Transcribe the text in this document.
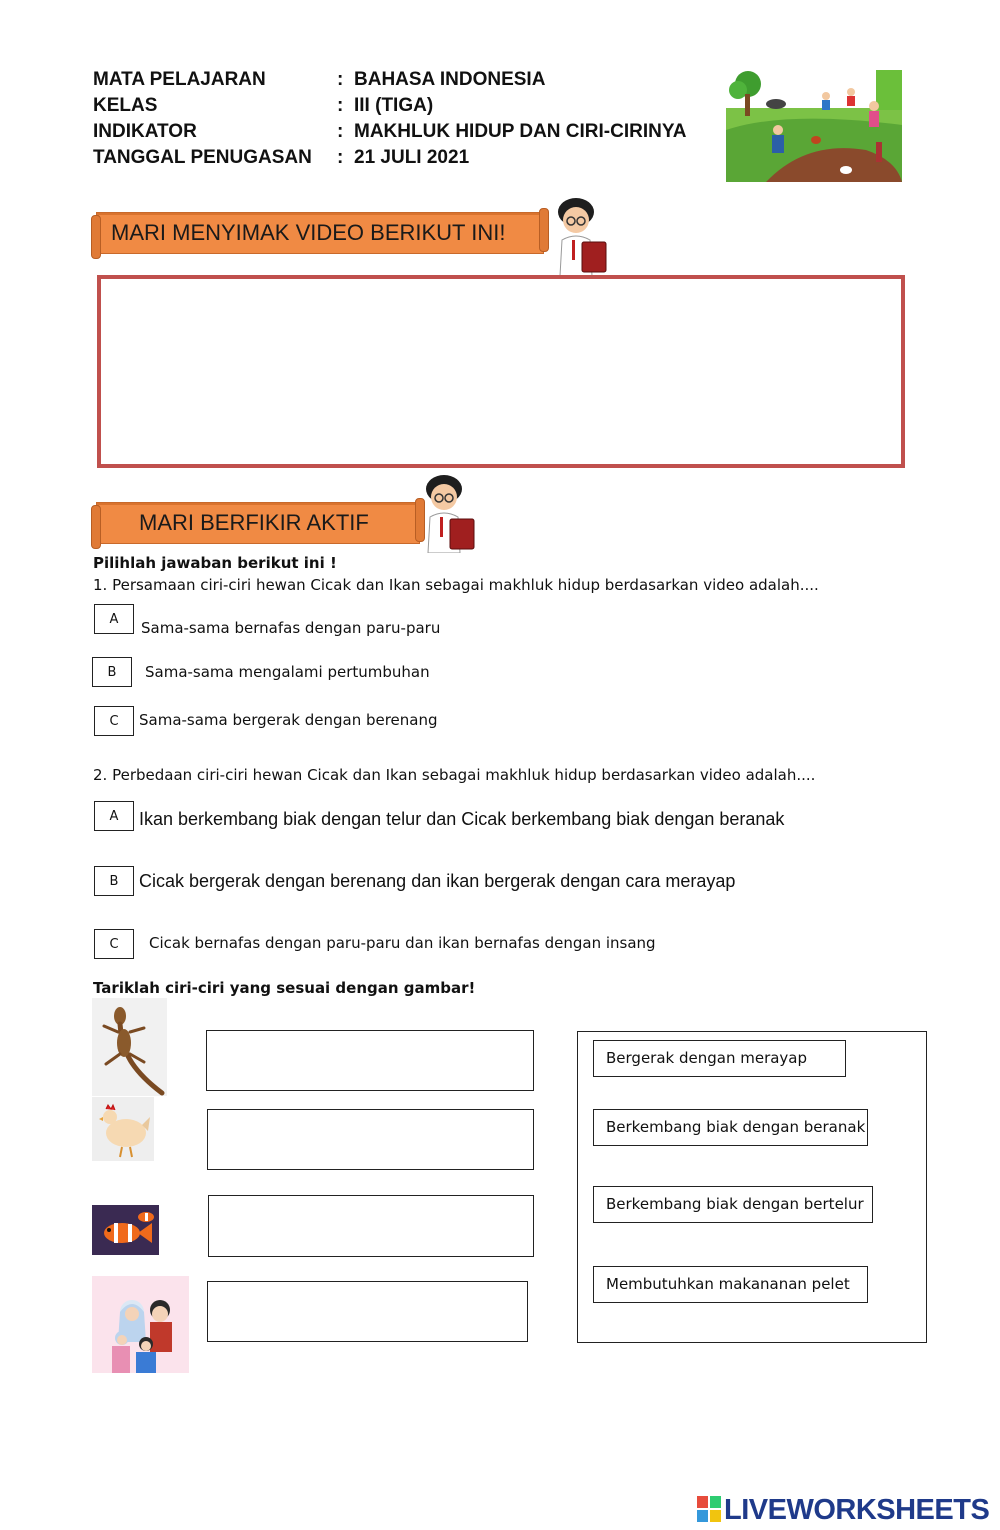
MATA PELAJARAN	: BAHASA INDONESIA
KELAS	: III (TIGA)
INDIKATOR	: MAKHLUK HIDUP DAN CIRI-CIRINYA
TANGGAL PENUGASAN : 21 JULI 2021
MARI MENYIMAK VIDEO BERIKUT INI!
MARI BERFIKIR AKTIF
Pilihlah jawaban berikut ini !
1. Persamaan ciri-ciri hewan Cicak dan Ikan sebagai makhluk hidup berdasarkan video adalah....
A	Sama-sama bernafas dengan paru-paru
B	Sama-sama mengalami pertumbuhan
C	Sama-sama bergerak dengan berenang
2. Perbedaan ciri-ciri hewan Cicak dan Ikan sebagai makhluk hidup berdasarkan video adalah....
A	Ikan berkembang biak dengan telur dan Cicak berkembang biak dengan beranak
B	Cicak bergerak dengan berenang dan ikan bergerak dengan cara merayap
C	Cicak bernafas dengan paru-paru dan ikan bernafas dengan insang
Tariklah ciri-ciri yang sesuai dengan gambar!
Bergerak dengan merayap
Berkembang biak dengan beranak
Berkembang biak dengan bertelur
Membutuhkan makananan pelet
LIVEWORKSHEETS
